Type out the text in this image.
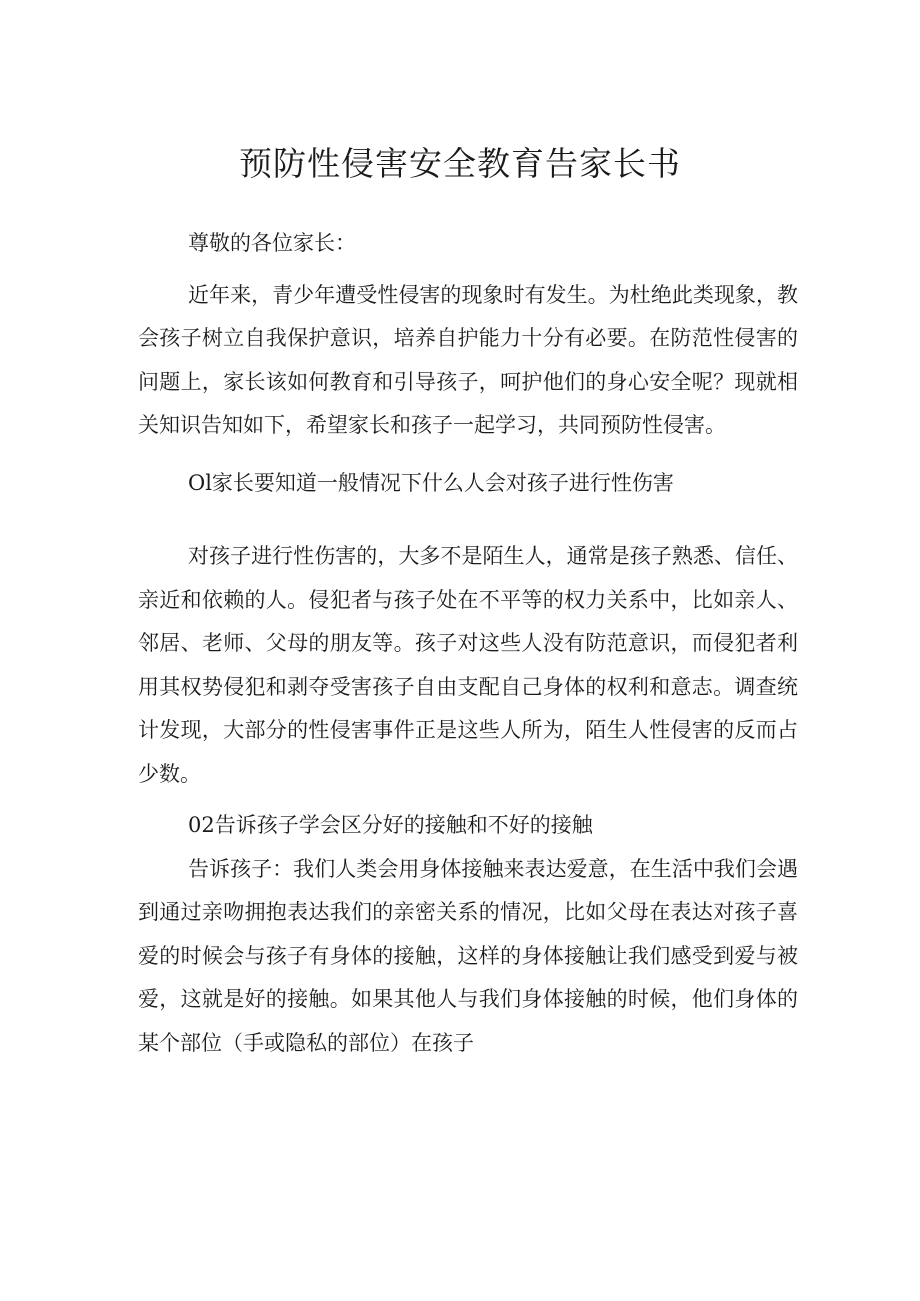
预防性侵害安全教育告家长书

尊敬的各位家长：

近年来，青少年遭受性侵害的现象时有发生。为杜绝此类现象，教会孩子树立自我保护意识，培养自护能力十分有必要。在防范性侵害的问题上，家长该如何教育和引导孩子，呵护他们的身心安全呢？现就相关知识告知如下，希望家长和孩子一起学习，共同预防性侵害。

Ol家长要知道一般情况下什么人会对孩子进行性伤害

对孩子进行性伤害的，大多不是陌生人，通常是孩子熟悉、信任、亲近和依赖的人。侵犯者与孩子处在不平等的权力关系中，比如亲人、邻居、老师、父母的朋友等。孩子对这些人没有防范意识，而侵犯者利用其权势侵犯和剥夺受害孩子自由支配自己身体的权利和意志。调查统计发现，大部分的性侵害事件正是这些人所为，陌生人性侵害的反而占少数。

02告诉孩子学会区分好的接触和不好的接触

告诉孩子：我们人类会用身体接触来表达爱意，在生活中我们会遇到通过亲吻拥抱表达我们的亲密关系的情况，比如父母在表达对孩子喜爱的时候会与孩子有身体的接触，这样的身体接触让我们感受到爱与被爱，这就是好的接触。如果其他人与我们身体接触的时候，他们身体的某个部位（手或隐私的部位）在孩子
